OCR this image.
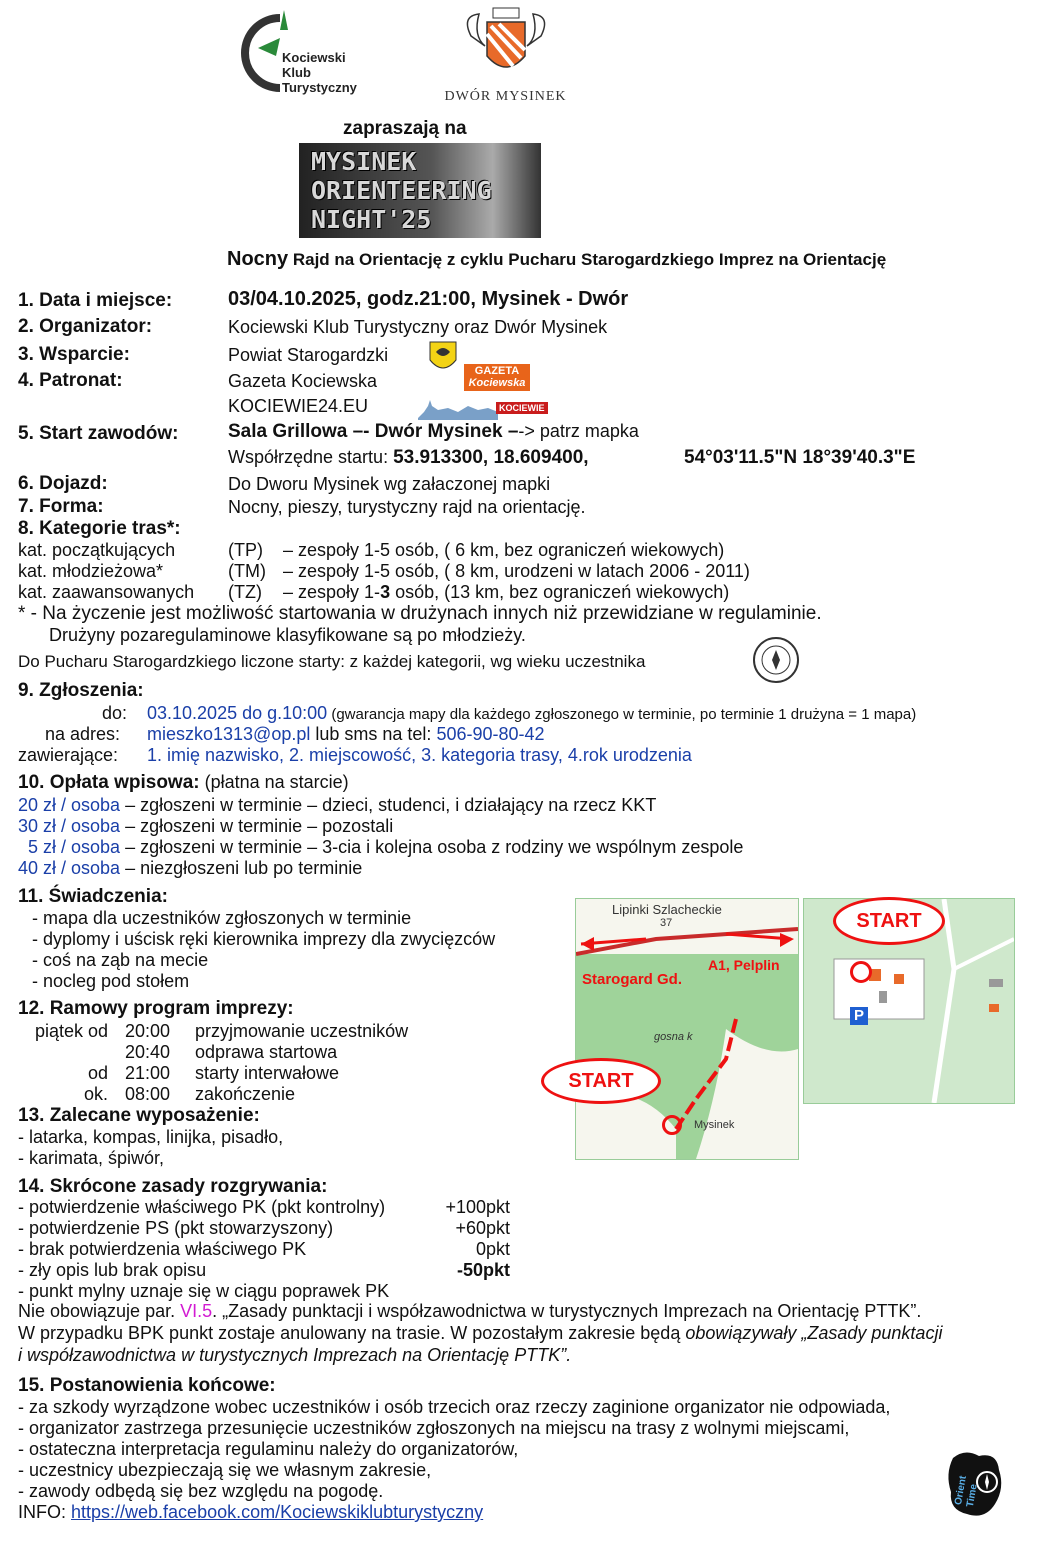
Kociewski
Klub
Turystyczny
DWÓR MYSINEK
zapraszają na
MYSINEK
ORIENTEERING
NIGHT'25
Nocny Rajd na Orientację z cyklu Pucharu Starogardzkiego Imprez na Orientację
1. Data i miejsce:	03/04.10.2025, godz.21:00, Mysinek - Dwór
2. Organizator:	Kociewski Klub Turystyczny oraz Dwór Mysinek
3. Wsparcie:	Powiat Starogardzki
4. Patronat:	Gazeta Kociewska
KOCIEWIE24.EU
GAZETA
Kociewska
KOCIEWIE
5. Start zawodów:	Sala Grillowa –- Dwór Mysinek –-> patrz mapka
Współrzędne startu: 53.913300, 18.609400,	54°03'11.5"N 18°39'40.3"E
6. Dojazd:	Do Dworu Mysinek wg załaczonej mapki
7. Forma:	Nocny, pieszy, turystyczny rajd na orientację.
8. Kategorie tras*:
kat. początkujących	(TP) – zespoły 1-5 osób, ( 6 km, bez ograniczeń wiekowych)
kat. młodzieżowa*	(TM) – zespoły 1-5 osób, ( 8 km, urodzeni w latach 2006 - 2011)
kat. zaawansowanych (TZ) – zespoły 1-3 osób, (13 km, bez ograniczeń wiekowych)
* - Na życzenie jest możliwość startowania w drużynach innych niż przewidziane w regulaminie.
Drużyny pozaregulaminowe klasyfikowane są po młodzieży.
Do Pucharu Starogardzkiego liczone starty: z każdej kategorii, wg wieku uczestnika
9. Zgłoszenia:
do: 03.10.2025 do g.10:00 (gwarancja mapy dla każdego zgłoszonego w terminie, po terminie 1 drużyna = 1 mapa)
na adres: mieszko1313@op.pl lub sms na tel: 506-90-80-42
zawierające: 1. imię nazwisko, 2. miejscowość, 3. kategoria trasy, 4.rok urodzenia
10. Opłata wpisowa: (płatna na starcie)
20 zł / osoba – zgłoszeni w terminie – dzieci, studenci, i działający na rzecz KKT
30 zł / osoba – zgłoszeni w terminie – pozostali
5 zł / osoba – zgłoszeni w terminie – 3-cia i kolejna osoba z rodziny we wspólnym zespole
40 zł / osoba – niezgłoszeni lub po terminie
11. Świadczenia:
- mapa dla uczestników zgłoszonych w terminie
- dyplomy i uścisk ręki kierownika imprezy dla zwycięzców
- coś na ząb na mecie
- nocleg pod stołem
12. Ramowy program imprezy:
piątek od 20:00 przyjmowanie uczestników
20:40 odprawa startowa
od 21:00 starty interwałowe
ok. 08:00 zakończenie
13. Zalecane wyposażenie:
- latarka, kompas, linijka, pisadło,
- karimata, śpiwór,
Lipinki Szlacheckie
37
Starogard Gd.
A1, Pelplin
gosna k
Mysinek
START
P
START
14. Skrócone zasady rozgrywania:
- potwierdzenie właściwego PK (pkt kontrolny)	+100pkt
- potwierdzenie PS (pkt stowarzyszony)	+60pkt
- brak potwierdzenia właściwego PK	0pkt
- zły opis lub brak opisu	-50pkt
- punkt mylny uznaje się w ciągu poprawek PK
Nie obowiązuje par. VI.5. „Zasady punktacji i współzawodnictwa w turystycznych Imprezach na Orientację PTTK”.
W przypadku BPK punkt zostaje anulowany na trasie. W pozostałym zakresie będą obowiązywały „Zasady punktacji
i współzawodnictwa w turystycznych Imprezach na Orientację PTTK”.
15. Postanowienia końcowe:
- za szkody wyrządzone wobec uczestników i osób trzecich oraz rzeczy zaginione organizator nie odpowiada,
- organizator zastrzega przesunięcie uczestników zgłoszonych na miejscu na trasy z wolnymi miejscami,
- ostateczna interpretacja regulaminu należy do organizatorów,
- uczestnicy ubezpieczają się we własnym zakresie,
- zawody odbędą się bez względu na pogodę.
INFO: https://web.facebook.com/Kociewskiklubturystyczny
Orient
Time
